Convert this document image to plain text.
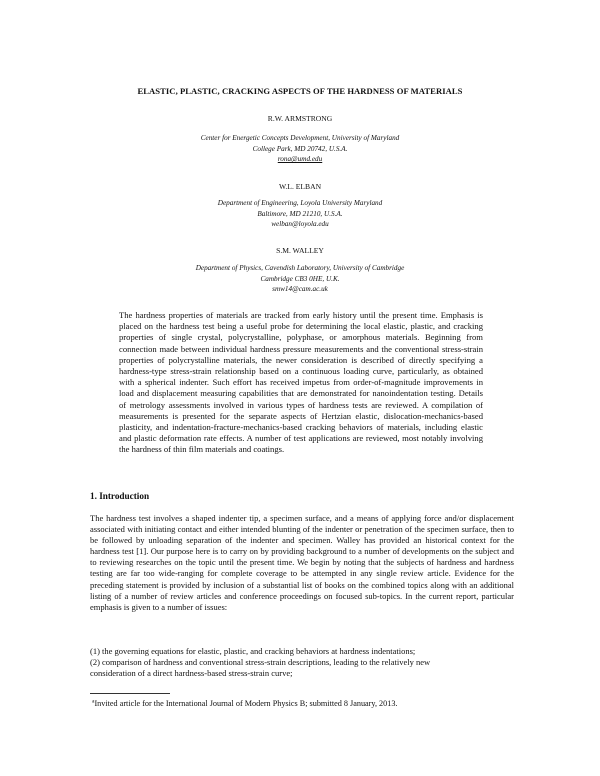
ELASTIC, PLASTIC, CRACKING ASPECTS OF THE HARDNESS OF MATERIALS
R.W. ARMSTRONG
Center for Energetic Concepts Development, University of Maryland
College Park, MD 20742, U.S.A.
rona@umd.edu
W.L. ELBAN
Department of Engineering, Loyola University Maryland
Baltimore, MD 21210, U.S.A.
welban@loyola.edu
S.M. WALLEY
Department of Physics, Cavendish Laboratory, University of Cambridge
Cambridge CB3 0HE, U.K.
smw14@cam.ac.uk

The hardness properties of materials are tracked from early history until the present time. Emphasis is placed on the hardness test being a useful probe for determining the local elastic, plastic, and cracking properties of single crystal, polycrystalline, polyphase, or amorphous materials. Beginning from connection made between individual hardness pressure measurements and the conventional stress-strain properties of polycrystalline materials, the newer consideration is described of directly specifying a hardness-type stress-strain relationship based on a continuous loading curve, particularly, as obtained with a spherical indenter. Such effort has received impetus from order-of-magnitude improvements in load and displacement measuring capabilities that are demonstrated for nanoindentation testing. Details of metrology assessments involved in various types of hardness tests are reviewed. A compilation of measurements is presented for the separate aspects of Hertzian elastic, dislocation-mechanics-based plasticity, and indentation-fracture-mechanics-based cracking behaviors of materials, including elastic and plastic deformation rate effects. A number of test applications are reviewed, most notably involving the hardness of thin film materials and coatings.

1. Introduction

The hardness test involves a shaped indenter tip, a specimen surface, and a means of applying force and/or displacement associated with initiating contact and either intended blunting of the indenter or penetration of the specimen surface, then to be followed by unloading separation of the indenter and specimen. Walley has provided an historical context for the hardness test [1]. Our purpose here is to carry on by providing background to a number of developments on the subject and to reviewing researches on the topic until the present time. We begin by noting that the subjects of hardness and hardness testing are far too wide-ranging for complete coverage to be attempted in any single review article. Evidence for the preceding statement is provided by inclusion of a substantial list of books on the combined topics along with an additional listing of a number of review articles and conference proceedings on focused sub-topics. In the current report, particular emphasis is given to a number of issues:

(1) the governing equations for elastic, plastic, and cracking behaviors at hardness indentations;
(2) comparison of hardness and conventional stress-strain descriptions, leading to the relatively new
consideration of a direct hardness-based stress-strain curve;
$^a$Invited article for the International Journal of Modern Physics B; submitted 8 January, 2013.
